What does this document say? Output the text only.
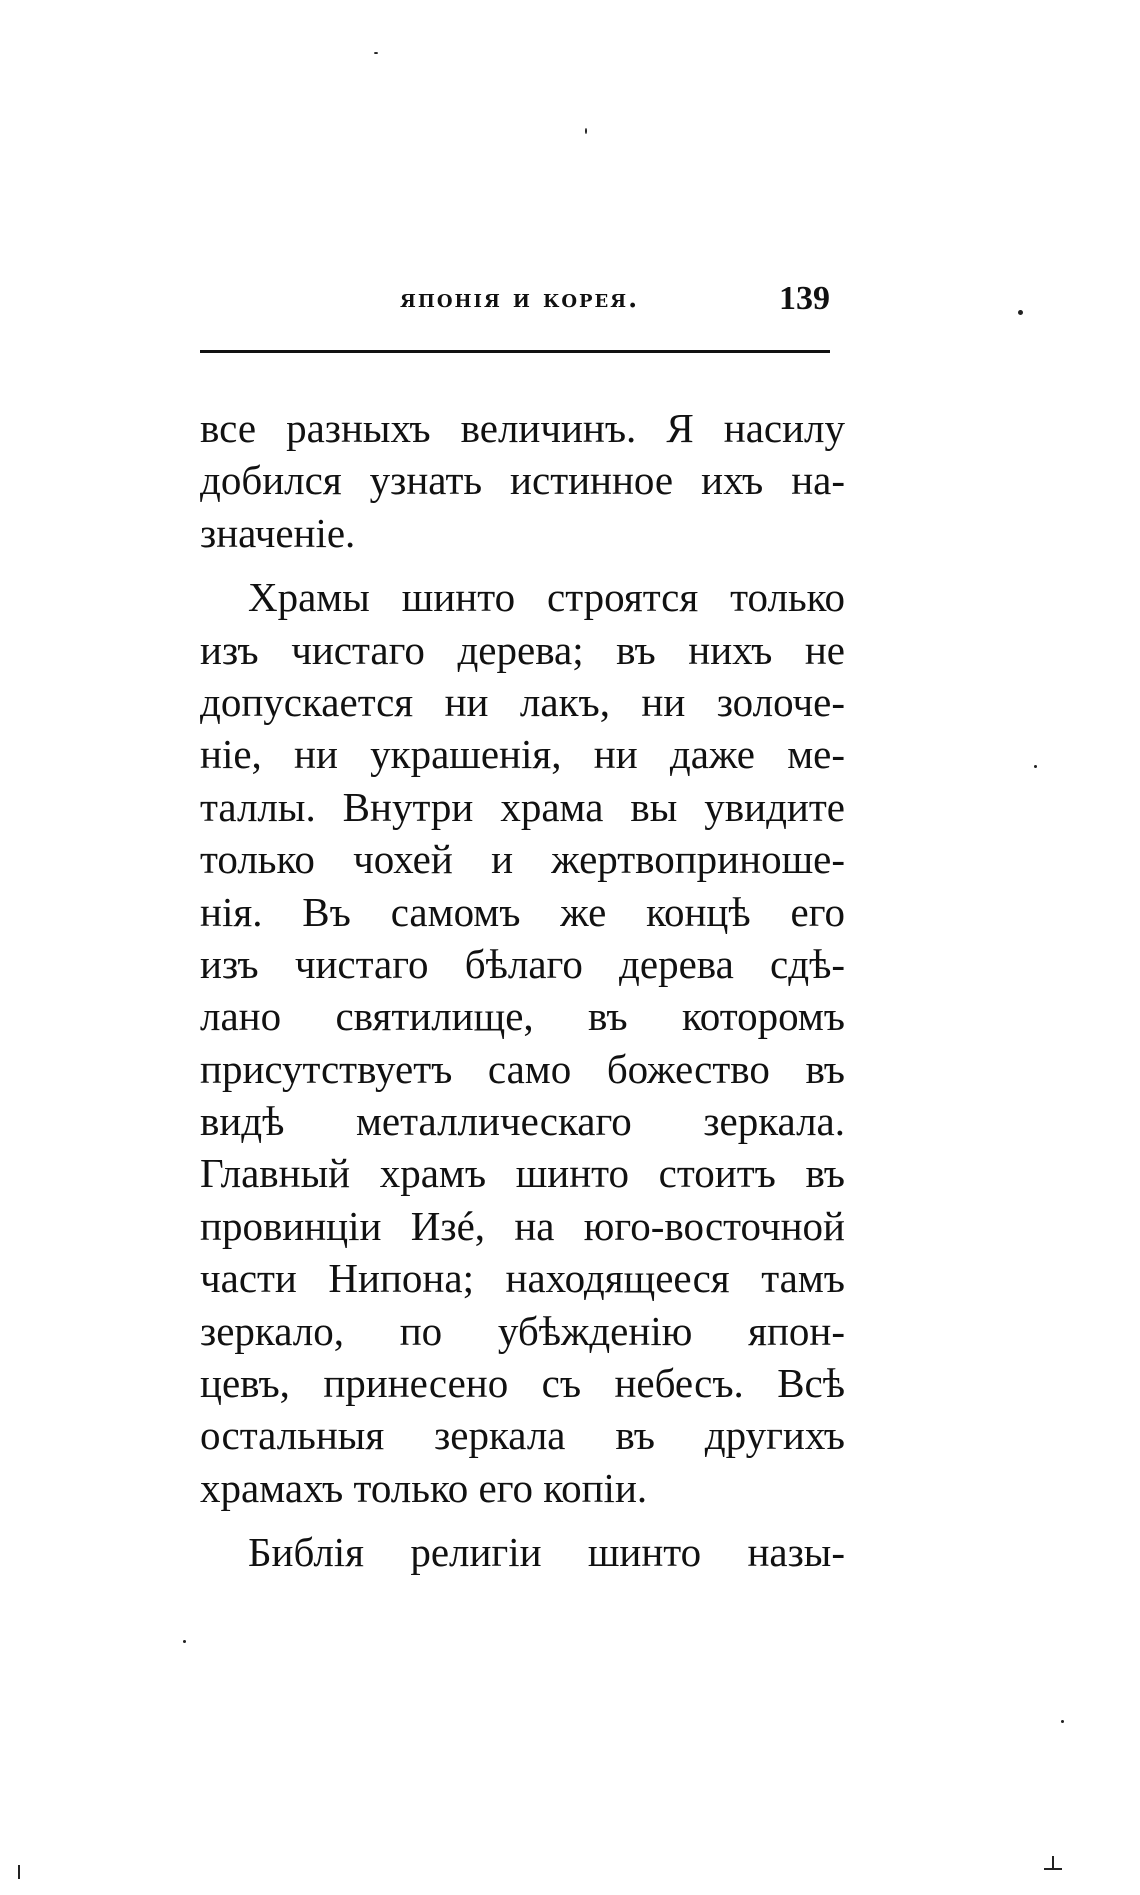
японія и корея.	139
все разныхъ величинъ. Я насилу
добился узнать истинное ихъ на-
значеніе.
Храмы шинто строятся только
изъ чистаго дерева; въ нихъ не
допускается ни лакъ, ни золоче-
ніе, ни украшенія, ни даже ме-
таллы. Внутри храма вы увидите
только чохей и жертвоприноше-
нія. Въ самомъ же концѣ его
изъ чистаго бѣлаго дерева сдѣ-
лано святилище, въ которомъ
присутствуетъ само божество въ
видѣ металлическаго зеркала.
Главный храмъ шинто стоитъ въ
провинціи Изé, на юго-восточной
части Нипона; находящееся тамъ
зеркало, по убѣжденію япон-
цевъ, принесено съ небесъ. Всѣ
остальныя зеркала въ другихъ
храмахъ только его копіи.
Библія религіи шинто назы-
